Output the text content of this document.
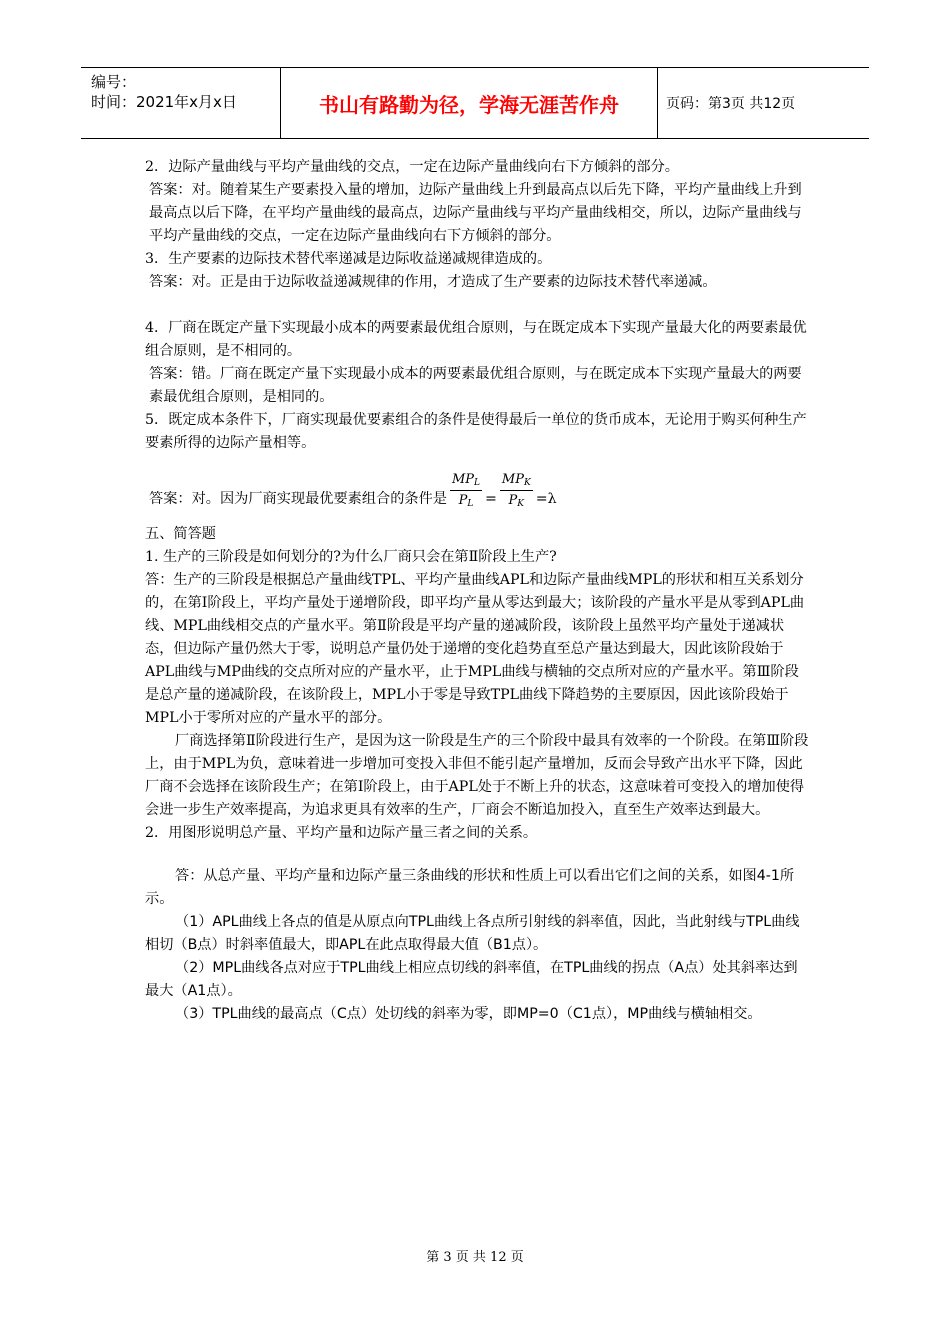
编号：
时间：2021年x月x日	书山有路勤为径，学海无涯苦作舟	页码：第3页 共12页

2．边际产量曲线与平均产量曲线的交点，一定在边际产量曲线向右下方倾斜的部分。

答案：对。随着某生产要素投入量的增加，边际产量曲线上升到最高点以后先下降，平均产量曲线上升到最高点以后下降，在平均产量曲线的最高点，边际产量曲线与平均产量曲线相交，所以，边际产量曲线与平均产量曲线的交点，一定在边际产量曲线向右下方倾斜的部分。

3．生产要素的边际技术替代率递减是边际收益递减规律造成的。

答案：对。正是由于边际收益递减规律的作用，才造成了生产要素的边际技术替代率递减。

4．厂商在既定产量下实现最小成本的两要素最优组合原则，与在既定成本下实现产量最大化的两要素最优组合原则，是不相同的。

答案：错。厂商在既定产量下实现最小成本的两要素最优组合原则，与在既定成本下实现产量最大的两要素最优组合原则，是相同的。

5．既定成本条件下，厂商实现最优要素组合的条件是使得最后一单位的货币成本，无论用于购买何种生产要素所得的边际产量相等。

答案：对。因为厂商实现最优要素组合的条件是 $\frac{MP_L}{P_L} = \frac{MP_K}{P_K} =\lambda$

五、简答题

1. 生产的三阶段是如何划分的?为什么厂商只会在第Ⅱ阶段上生产?

答：生产的三阶段是根据总产量曲线TPL、平均产量曲线APL和边际产量曲线MPL的形状和相互关系划分的，在第Ⅰ阶段上，平均产量处于递增阶段，即平均产量从零达到最大；该阶段的产量水平是从零到APL曲线、MPL曲线相交点的产量水平。第Ⅱ阶段是平均产量的递减阶段，该阶段上虽然平均产量处于递减状态，但边际产量仍然大于零，说明总产量仍处于递增的变化趋势直至总产量达到最大，因此该阶段始于APL曲线与MP曲线的交点所对应的产量水平，止于MPL曲线与横轴的交点所对应的产量水平。第Ⅲ阶段是总产量的递减阶段，在该阶段上，MPL小于零是导致TPL曲线下降趋势的主要原因，因此该阶段始于MPL小于零所对应的产量水平的部分。

厂商选择第Ⅱ阶段进行生产，是因为这一阶段是生产的三个阶段中最具有效率的一个阶段。在第Ⅲ阶段上，由于MPL为负，意味着进一步增加可变投入非但不能引起产量增加，反而会导致产出水平下降，因此厂商不会选择在该阶段生产；在第Ⅰ阶段上，由于APL处于不断上升的状态，这意味着可变投入的增加使得会进一步生产效率提高，为追求更具有效率的生产，厂商会不断追加投入，直至生产效率达到最大。

2．用图形说明总产量、平均产量和边际产量三者之间的关系。

答：从总产量、平均产量和边际产量三条曲线的形状和性质上可以看出它们之间的关系，如图4-1所示。

（1）APL曲线上各点的值是从原点向TPL曲线上各点所引射线的斜率值，因此，当此射线与TPL曲线相切（B点）时斜率值最大，即APL在此点取得最大值（B1点）。

（2）MPL曲线各点对应于TPL曲线上相应点切线的斜率值，在TPL曲线的拐点（A点）处其斜率达到最大（A1点）。

（3）TPL曲线的最高点（C点）处切线的斜率为零，即MP=0（C1点），MP曲线与横轴相交。

第 3 页 共 12 页
